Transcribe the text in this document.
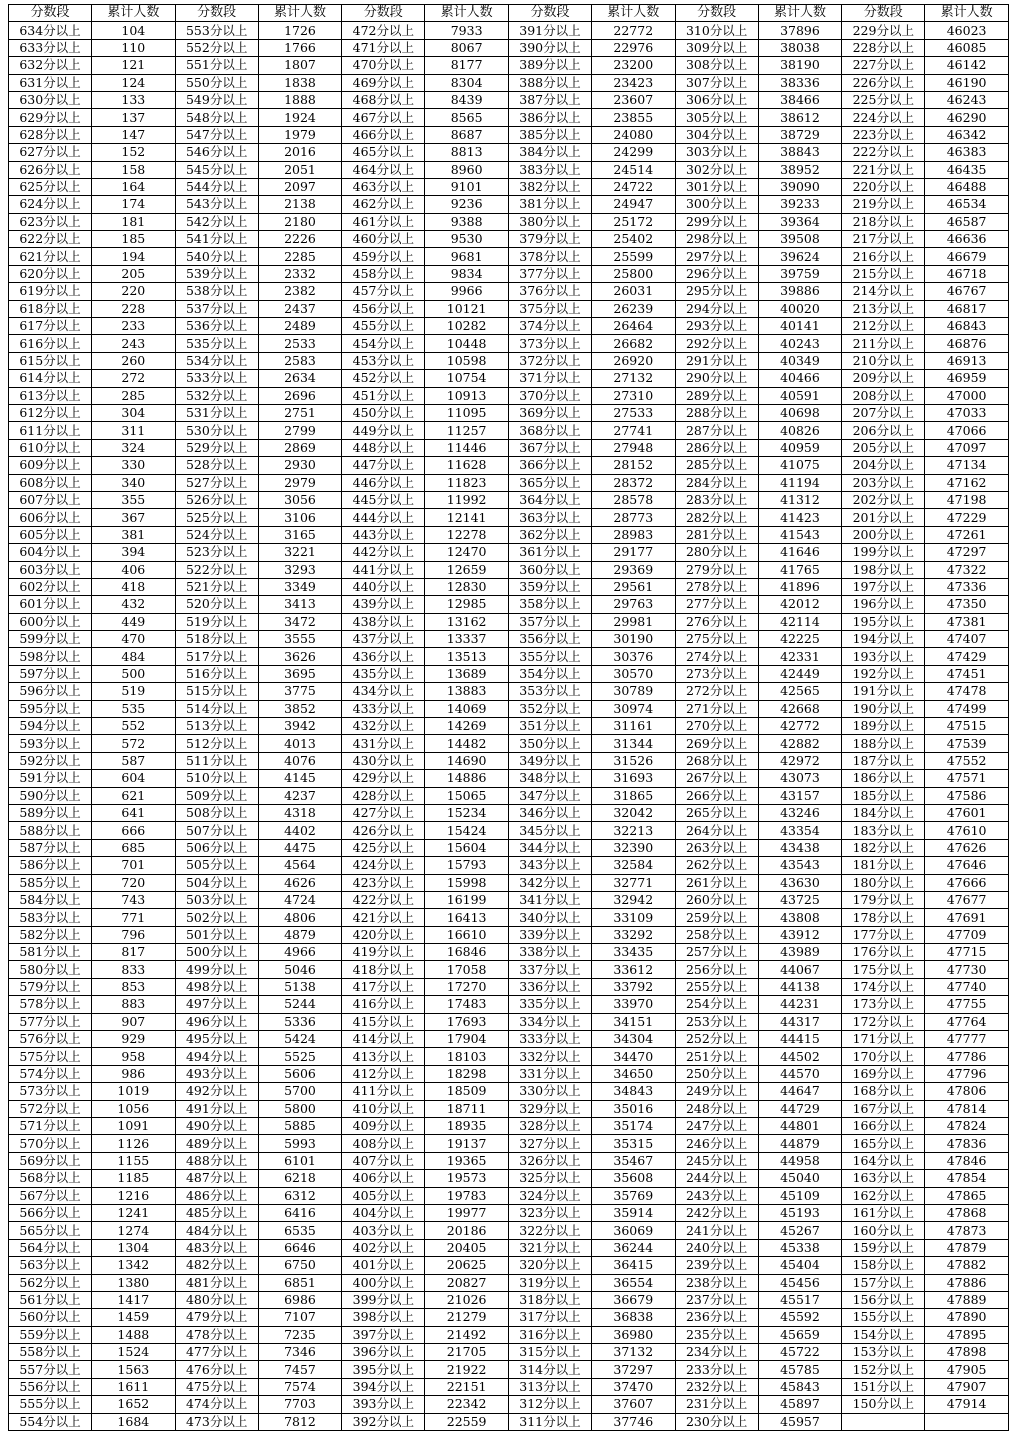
分数段	累计人数	分数段	累计人数	分数段	累计人数	分数段	累计人数	分数段	累计人数	分数段	累计人数
634分以上	104	553分以上	1726	472分以上	7933	391分以上	22772	310分以上	37896	229分以上	46023
633分以上	110	552分以上	1766	471分以上	8067	390分以上	22976	309分以上	38038	228分以上	46085
632分以上	121	551分以上	1807	470分以上	8177	389分以上	23200	308分以上	38190	227分以上	46142
631分以上	124	550分以上	1838	469分以上	8304	388分以上	23423	307分以上	38336	226分以上	46190
630分以上	133	549分以上	1888	468分以上	8439	387分以上	23607	306分以上	38466	225分以上	46243
629分以上	137	548分以上	1924	467分以上	8565	386分以上	23855	305分以上	38612	224分以上	46290
628分以上	147	547分以上	1979	466分以上	8687	385分以上	24080	304分以上	38729	223分以上	46342
627分以上	152	546分以上	2016	465分以上	8813	384分以上	24299	303分以上	38843	222分以上	46383
626分以上	158	545分以上	2051	464分以上	8960	383分以上	24514	302分以上	38952	221分以上	46435
625分以上	164	544分以上	2097	463分以上	9101	382分以上	24722	301分以上	39090	220分以上	46488
624分以上	174	543分以上	2138	462分以上	9236	381分以上	24947	300分以上	39233	219分以上	46534
623分以上	181	542分以上	2180	461分以上	9388	380分以上	25172	299分以上	39364	218分以上	46587
622分以上	185	541分以上	2226	460分以上	9530	379分以上	25402	298分以上	39508	217分以上	46636
621分以上	194	540分以上	2285	459分以上	9681	378分以上	25599	297分以上	39624	216分以上	46679
620分以上	205	539分以上	2332	458分以上	9834	377分以上	25800	296分以上	39759	215分以上	46718
619分以上	220	538分以上	2382	457分以上	9966	376分以上	26031	295分以上	39886	214分以上	46767
618分以上	228	537分以上	2437	456分以上	10121	375分以上	26239	294分以上	40020	213分以上	46817
617分以上	233	536分以上	2489	455分以上	10282	374分以上	26464	293分以上	40141	212分以上	46843
616分以上	243	535分以上	2533	454分以上	10448	373分以上	26682	292分以上	40243	211分以上	46876
615分以上	260	534分以上	2583	453分以上	10598	372分以上	26920	291分以上	40349	210分以上	46913
614分以上	272	533分以上	2634	452分以上	10754	371分以上	27132	290分以上	40466	209分以上	46959
613分以上	285	532分以上	2696	451分以上	10913	370分以上	27310	289分以上	40591	208分以上	47000
612分以上	304	531分以上	2751	450分以上	11095	369分以上	27533	288分以上	40698	207分以上	47033
611分以上	311	530分以上	2799	449分以上	11257	368分以上	27741	287分以上	40826	206分以上	47066
610分以上	324	529分以上	2869	448分以上	11446	367分以上	27948	286分以上	40959	205分以上	47097
609分以上	330	528分以上	2930	447分以上	11628	366分以上	28152	285分以上	41075	204分以上	47134
608分以上	340	527分以上	2979	446分以上	11823	365分以上	28372	284分以上	41194	203分以上	47162
607分以上	355	526分以上	3056	445分以上	11992	364分以上	28578	283分以上	41312	202分以上	47198
606分以上	367	525分以上	3106	444分以上	12141	363分以上	28773	282分以上	41423	201分以上	47229
605分以上	381	524分以上	3165	443分以上	12278	362分以上	28983	281分以上	41543	200分以上	47261
604分以上	394	523分以上	3221	442分以上	12470	361分以上	29177	280分以上	41646	199分以上	47297
603分以上	406	522分以上	3293	441分以上	12659	360分以上	29369	279分以上	41765	198分以上	47322
602分以上	418	521分以上	3349	440分以上	12830	359分以上	29561	278分以上	41896	197分以上	47336
601分以上	432	520分以上	3413	439分以上	12985	358分以上	29763	277分以上	42012	196分以上	47350
600分以上	449	519分以上	3472	438分以上	13162	357分以上	29981	276分以上	42114	195分以上	47381
599分以上	470	518分以上	3555	437分以上	13337	356分以上	30190	275分以上	42225	194分以上	47407
598分以上	484	517分以上	3626	436分以上	13513	355分以上	30376	274分以上	42331	193分以上	47429
597分以上	500	516分以上	3695	435分以上	13689	354分以上	30570	273分以上	42449	192分以上	47451
596分以上	519	515分以上	3775	434分以上	13883	353分以上	30789	272分以上	42565	191分以上	47478
595分以上	535	514分以上	3852	433分以上	14069	352分以上	30974	271分以上	42668	190分以上	47499
594分以上	552	513分以上	3942	432分以上	14269	351分以上	31161	270分以上	42772	189分以上	47515
593分以上	572	512分以上	4013	431分以上	14482	350分以上	31344	269分以上	42882	188分以上	47539
592分以上	587	511分以上	4076	430分以上	14690	349分以上	31526	268分以上	42972	187分以上	47552
591分以上	604	510分以上	4145	429分以上	14886	348分以上	31693	267分以上	43073	186分以上	47571
590分以上	621	509分以上	4237	428分以上	15065	347分以上	31865	266分以上	43157	185分以上	47586
589分以上	641	508分以上	4318	427分以上	15234	346分以上	32042	265分以上	43246	184分以上	47601
588分以上	666	507分以上	4402	426分以上	15424	345分以上	32213	264分以上	43354	183分以上	47610
587分以上	685	506分以上	4475	425分以上	15604	344分以上	32390	263分以上	43438	182分以上	47626
586分以上	701	505分以上	4564	424分以上	15793	343分以上	32584	262分以上	43543	181分以上	47646
585分以上	720	504分以上	4626	423分以上	15998	342分以上	32771	261分以上	43630	180分以上	47666
584分以上	743	503分以上	4724	422分以上	16199	341分以上	32942	260分以上	43725	179分以上	47677
583分以上	771	502分以上	4806	421分以上	16413	340分以上	33109	259分以上	43808	178分以上	47691
582分以上	796	501分以上	4879	420分以上	16610	339分以上	33292	258分以上	43912	177分以上	47709
581分以上	817	500分以上	4966	419分以上	16846	338分以上	33435	257分以上	43989	176分以上	47715
580分以上	833	499分以上	5046	418分以上	17058	337分以上	33612	256分以上	44067	175分以上	47730
579分以上	853	498分以上	5138	417分以上	17270	336分以上	33792	255分以上	44138	174分以上	47740
578分以上	883	497分以上	5244	416分以上	17483	335分以上	33970	254分以上	44231	173分以上	47755
577分以上	907	496分以上	5336	415分以上	17693	334分以上	34151	253分以上	44317	172分以上	47764
576分以上	929	495分以上	5424	414分以上	17904	333分以上	34304	252分以上	44415	171分以上	47777
575分以上	958	494分以上	5525	413分以上	18103	332分以上	34470	251分以上	44502	170分以上	47786
574分以上	986	493分以上	5606	412分以上	18298	331分以上	34650	250分以上	44570	169分以上	47796
573分以上	1019	492分以上	5700	411分以上	18509	330分以上	34843	249分以上	44647	168分以上	47806
572分以上	1056	491分以上	5800	410分以上	18711	329分以上	35016	248分以上	44729	167分以上	47814
571分以上	1091	490分以上	5885	409分以上	18935	328分以上	35174	247分以上	44801	166分以上	47824
570分以上	1126	489分以上	5993	408分以上	19137	327分以上	35315	246分以上	44879	165分以上	47836
569分以上	1155	488分以上	6101	407分以上	19365	326分以上	35467	245分以上	44958	164分以上	47846
568分以上	1185	487分以上	6218	406分以上	19573	325分以上	35608	244分以上	45040	163分以上	47854
567分以上	1216	486分以上	6312	405分以上	19783	324分以上	35769	243分以上	45109	162分以上	47865
566分以上	1241	485分以上	6416	404分以上	19977	323分以上	35914	242分以上	45193	161分以上	47868
565分以上	1274	484分以上	6535	403分以上	20186	322分以上	36069	241分以上	45267	160分以上	47873
564分以上	1304	483分以上	6646	402分以上	20405	321分以上	36244	240分以上	45338	159分以上	47879
563分以上	1342	482分以上	6750	401分以上	20625	320分以上	36415	239分以上	45404	158分以上	47882
562分以上	1380	481分以上	6851	400分以上	20827	319分以上	36554	238分以上	45456	157分以上	47886
561分以上	1417	480分以上	6986	399分以上	21026	318分以上	36679	237分以上	45517	156分以上	47889
560分以上	1459	479分以上	7107	398分以上	21279	317分以上	36838	236分以上	45592	155分以上	47890
559分以上	1488	478分以上	7235	397分以上	21492	316分以上	36980	235分以上	45659	154分以上	47895
558分以上	1524	477分以上	7346	396分以上	21705	315分以上	37132	234分以上	45722	153分以上	47898
557分以上	1563	476分以上	7457	395分以上	21922	314分以上	37297	233分以上	45785	152分以上	47905
556分以上	1611	475分以上	7574	394分以上	22151	313分以上	37470	232分以上	45843	151分以上	47907
555分以上	1652	474分以上	7703	393分以上	22342	312分以上	37607	231分以上	45897	150分以上	47914
554分以上	1684	473分以上	7812	392分以上	22559	311分以上	37746	230分以上	45957		
